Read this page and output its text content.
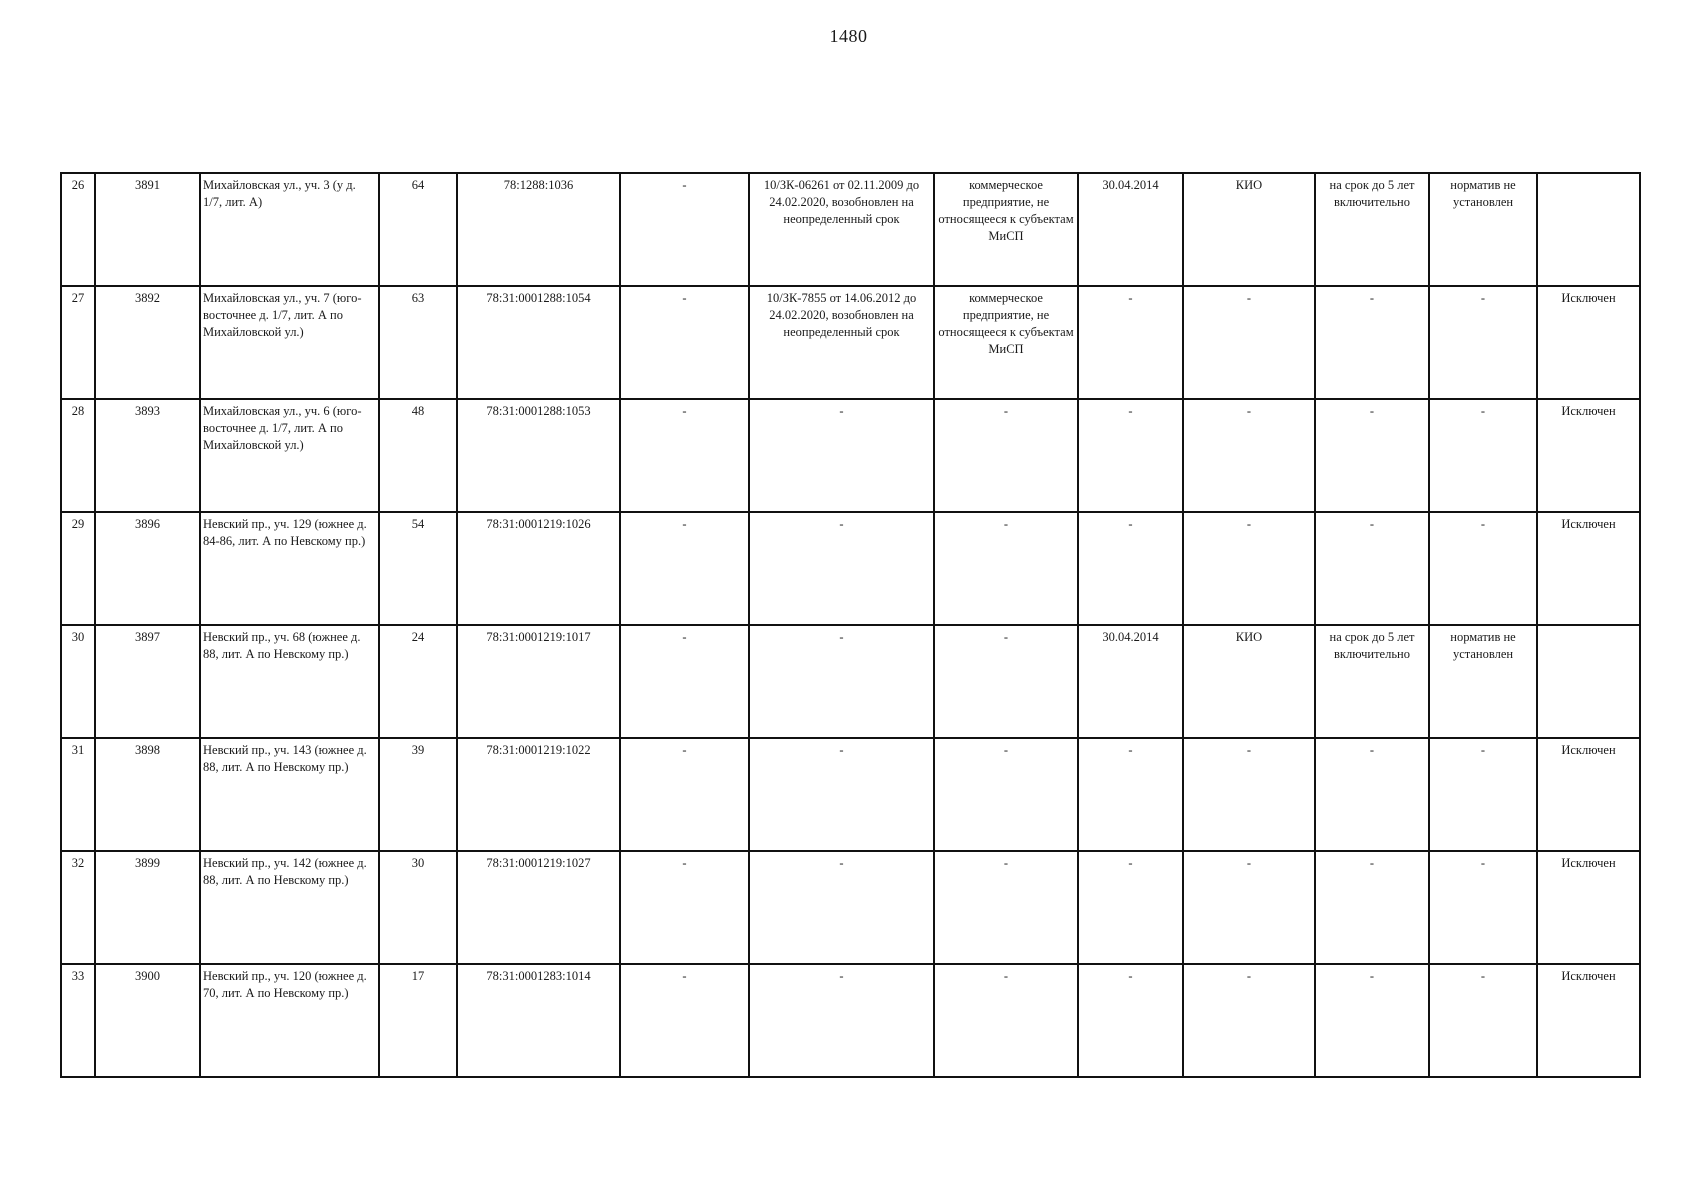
1480
26	3891	Михайловская ул., уч. 3 (у д. 1/7, лит. А)	64	78:1288:1036	-	10/ЗК-06261 от 02.11.2009 до 24.02.2020, возобновлен на неопределенный срок	коммерческое предприятие, не относящееся к субъектам МиСП	30.04.2014	КИО	на срок до 5 лет включительно	норматив не установлен	
27	3892	Михайловская ул., уч. 7 (юго-восточнее д. 1/7, лит. А по Михайловской ул.)	63	78:31:0001288:1054	-	10/ЗК-7855 от 14.06.2012 до 24.02.2020, возобновлен на неопределенный срок	коммерческое предприятие, не относящееся к субъектам МиСП	-	-	-	-	Исключен
28	3893	Михайловская ул., уч. 6 (юго-восточнее д. 1/7, лит. А по Михайловской ул.)	48	78:31:0001288:1053	-	-	-	-	-	-	-	Исключен
29	3896	Невский пр., уч. 129 (южнее д. 84-86, лит. А по Невскому пр.)	54	78:31:0001219:1026	-	-	-	-	-	-	-	Исключен
30	3897	Невский пр., уч. 68 (южнее д. 88, лит. А по Невскому пр.)	24	78:31:0001219:1017	-	-	-	30.04.2014	КИО	на срок до 5 лет включительно	норматив не установлен	
31	3898	Невский пр., уч. 143 (южнее д. 88, лит. А по Невскому пр.)	39	78:31:0001219:1022	-	-	-	-	-	-	-	Исключен
32	3899	Невский пр., уч. 142 (южнее д. 88, лит. А по Невскому пр.)	30	78:31:0001219:1027	-	-	-	-	-	-	-	Исключен
33	3900	Невский пр., уч. 120 (южнее д. 70, лит. А по Невскому пр.)	17	78:31:0001283:1014	-	-	-	-	-	-	-	Исключен
